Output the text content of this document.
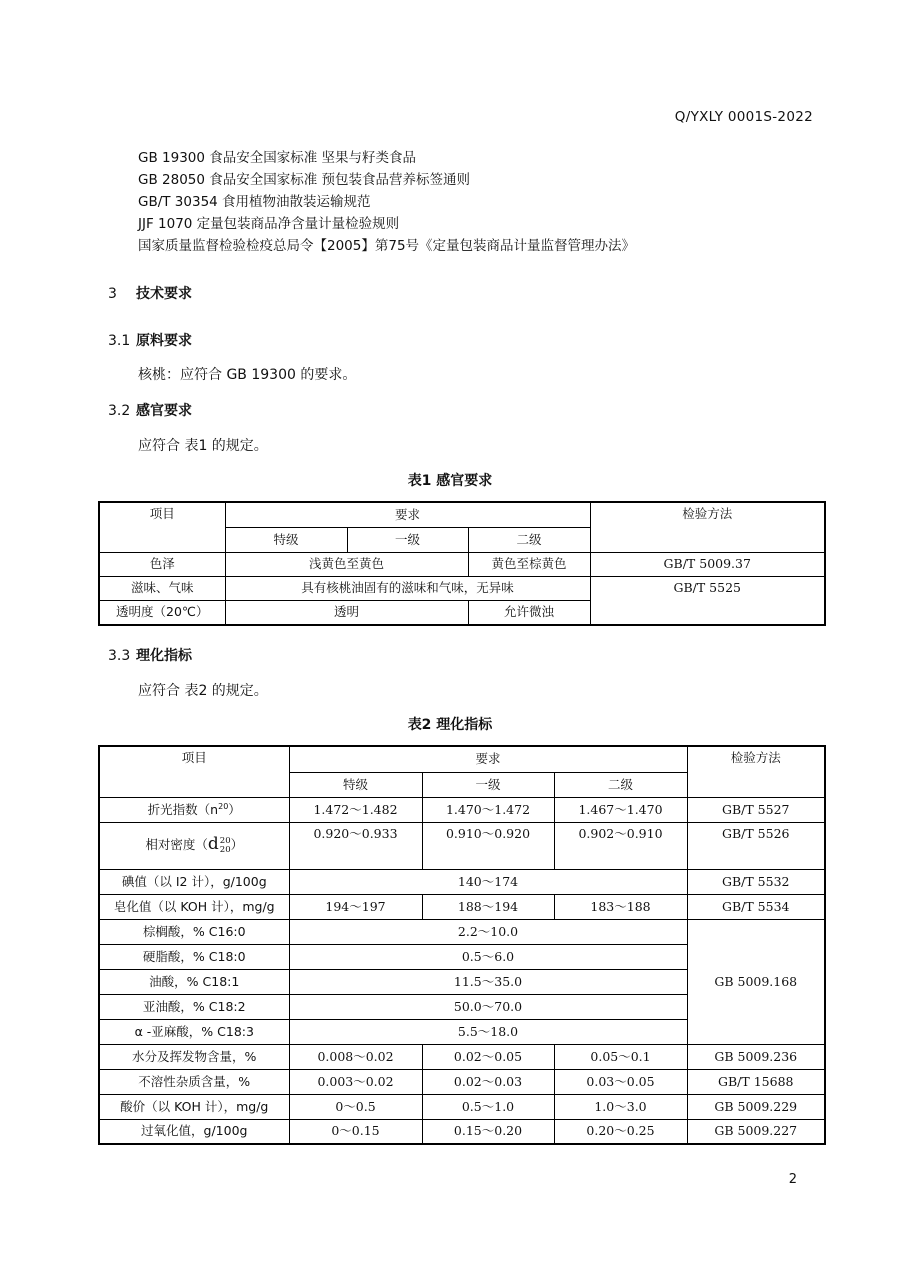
Q/YXLY 0001S-2022
GB 19300 食品安全国家标准 坚果与籽类食品
GB 28050 食品安全国家标准 预包装食品营养标签通则
GB/T 30354 食用植物油散装运输规范
JJF 1070 定量包装商品净含量计量检验规则
国家质量监督检验检疫总局令【2005】第75号《定量包装商品计量监督管理办法》
3 技术要求
3.1 原料要求
核桃：应符合 GB 19300 的要求。
3.2 感官要求
应符合 表1 的规定。
表1 感官要求
项目	要求			检验方法
	特级	一级	二级	
色泽	浅黄色至黄色		黄色至棕黄色	GB/T 5009.37
滋味、气味	具有核桃油固有的滋味和气味，无异味			GB/T 5525
透明度（20℃）	透明		允许微浊	
3.3 理化指标
应符合 表2 的规定。
表2 理化指标
项目	要求			检验方法
	特级	一级	二级	
折光指数$(n^{20})$	1.472～1.482	1.470～1.472	1.467～1.470	GB/T 5527
相对密度（d20
20）	0.920～0.933	0.910～0.920	0.902～0.910	GB/T 5526
碘值（以 I2 计），g/100g	140～174			GB/T 5532
皂化值（以 KOH 计），mg/g	194～197	188～194	183～188	GB/T 5534
棕榈酸，% C16:0	2.2～10.0			GB 5009.168
硬脂酸，% C18:0	0.5～6.0			
油酸，% C18:1	11.5～35.0			
亚油酸，% C18:2	50.0～70.0			
α -亚麻酸，% C18:3	5.5～18.0			
水分及挥发物含量，%	0.008～0.02	0.02～0.05	0.05～0.1	GB 5009.236
不溶性杂质含量，%	0.003～0.02	0.02～0.03	0.03～0.05	GB/T 15688
酸价（以 KOH 计），mg/g	0～0.5	0.5～1.0	1.0～3.0	GB 5009.229
过氧化值，g/100g	0～0.15	0.15～0.20	0.20～0.25	GB 5009.227
2
